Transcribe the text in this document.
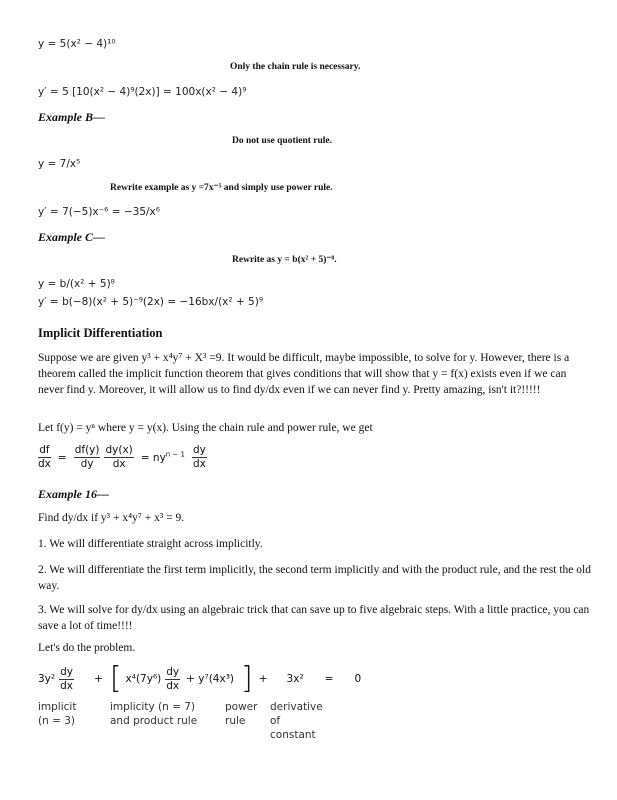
y = 5(x² − 4)¹⁰
Only the chain rule is necessary.
y′ = 5 [10(x² − 4)⁹(2x)] = 100x(x² − 4)⁹
Example B—
Do not use quotient rule.
y = 7/x⁵
Rewrite example as y =7x⁻⁵ and simply use power rule.
y′ = 7(−5)x⁻⁶ = −35/x⁶
Example C—
Rewrite as y = b(x² + 5)⁻⁸.
y = b/(x² + 5)⁸
y′ = b(−8)(x² + 5)⁻⁹(2x) = −16bx/(x² + 5)⁹
Implicit Differentiation
Suppose we are given y³ + x⁴y⁷ + X³ =9. It would be difficult, maybe impossible, to solve for y. However, there is a theorem called the implicit function theorem that gives conditions that will show that y = f(x) exists even if we can never find y. Moreover, it will allow us to find dy/dx even if we can never find y. Pretty amazing, isn't it?!!!!!
Let f(y) = yⁿ where y = y(x). Using the chain rule and power rule, we get
$\frac{df}{dx} = \frac{df(y)}{dy}$
$\frac{dy(x)}{dx} = ny^{n - 1} \frac{dy}{dx}$
Example 16—
Find dy/dx if y³ + x⁴y⁷ + x³ = 9.
1. We will differentiate straight across implicitly.
2. We will differentiate the first term implicitly, the second term implicitly and with the product rule, and the rest the old way.
3. We will solve for dy/dx using an algebraic trick that can save up to five algebraic steps. With a little practice, you can save a lot of time!!!!
Let's do the problem.
$3y^2 \frac{dy}{dx}$ + [ $x^4(7y^6) \frac{dy}{dx} + y^7(4x^3)$ ] + 3x² = 0
implicit
(n = 3)
implicity (n = 7)
and product rule
power
rule
derivative
of
constant
